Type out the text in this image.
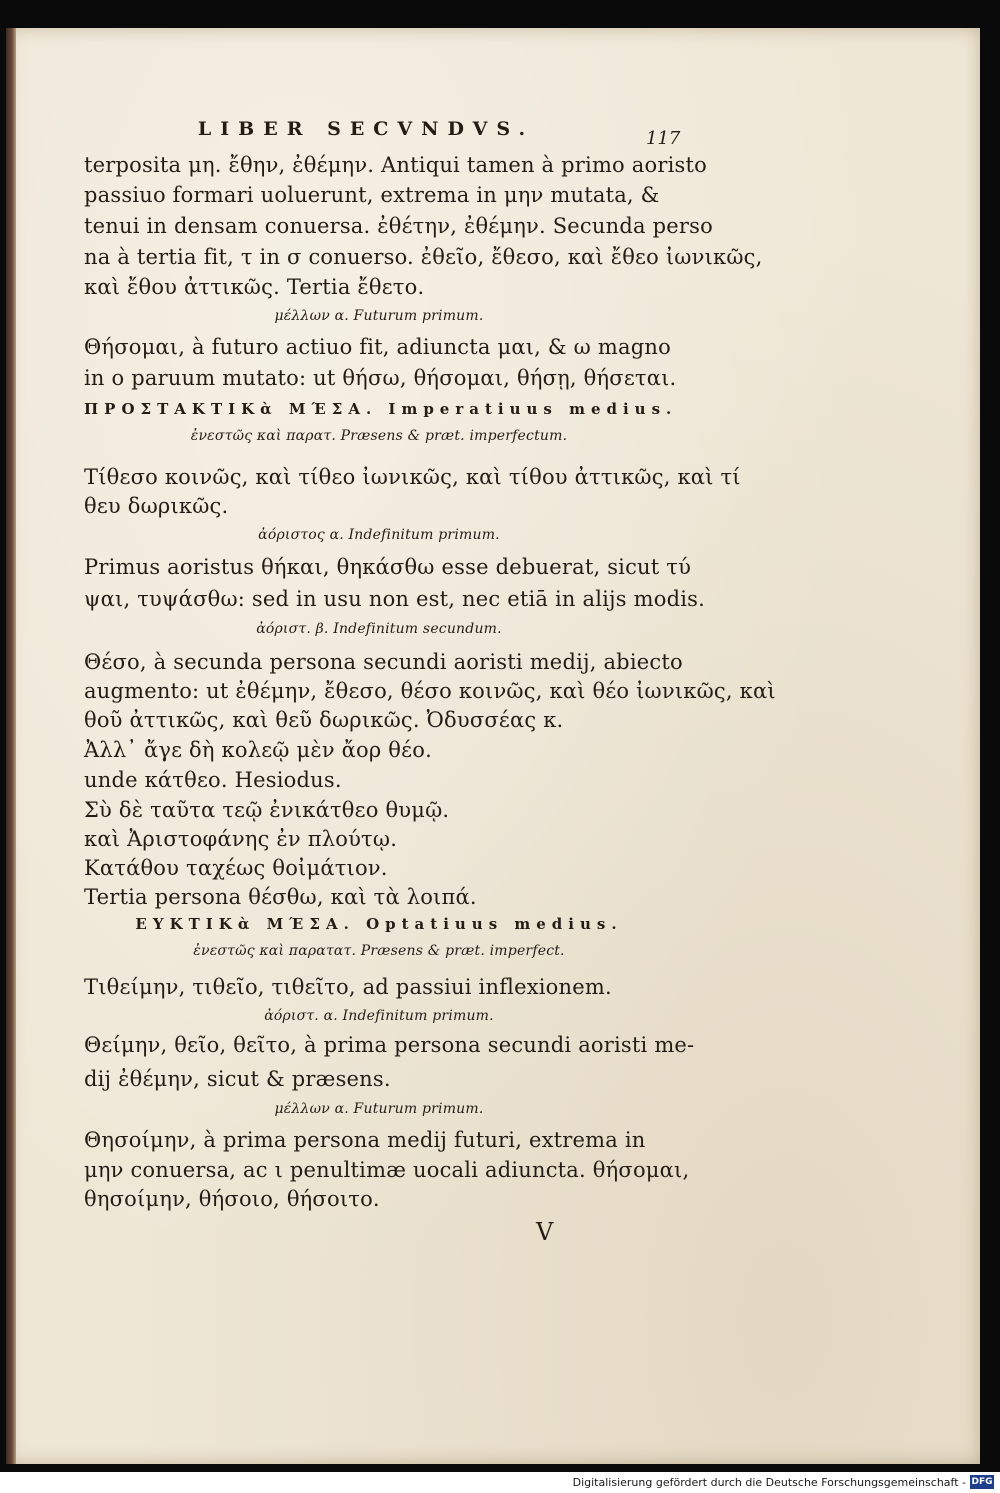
LIBER SECVNDVS.	117
terposita μη. ἔθην, ἐθέμην. Antiqui tamen à primo aoristo
passiuo formari uoluerunt, extrema in μην mutata, &
tenui in densam conuersa. ἐθέτην, ἐθέμην. Secunda perso
na à tertia fit, τ in σ conuerso. ἐθεῖο, ἔθεσο, καὶ ἔθεο ἰωνικῶς,
καὶ ἔθου ἀττικῶς. Tertia ἔθετο.
μέλλων α. Futurum primum.
Θήσομαι, à futuro actiuo fit, adiuncta μαι, & ω magno
in ο paruum mutato: ut θήσω, θήσομαι, θήσῃ, θήσεται.
ΠΡΟΣΤΑΚΤΙΚὰ ΜΈΣΑ. Imperatiuus medius.
ἐνεστῶς καὶ παρατ. Præsens & præt. imperfectum.
Τίθεσο κοινῶς, καὶ τίθεο ἰωνικῶς, καὶ τίθου ἀττικῶς, καὶ τί
θευ δωρικῶς.
ἀόριστος α. Indefinitum primum.
Primus aoristus θήκαι, θηκάσθω esse debuerat, sicut τύ
ψαι, τυψάσθω: sed in usu non est, nec etiā in alijs modis.
ἀόριστ. β. Indefinitum secundum.
Θέσο, à secunda persona secundi aoristi medij, abiecto
augmento: ut ἐθέμην, ἔθεσο, θέσο κοινῶς, καὶ θέο ἰωνικῶς, καὶ
θοῦ ἀττικῶς, καὶ θεῦ δωρικῶς. Ὀδυσσέας κ.
Ἀλλ᾽ ἄγε δὴ κολεῷ μὲν ἄορ θέο.
unde κάτθεο. Hesiodus.
Σὺ δὲ ταῦτα τεῷ ἐνικάτθεο θυμῷ.
καὶ Ἀριστοφάνης ἐν πλούτῳ.
Κατάθου ταχέως θοἰμάτιον.
Tertia persona θέσθω, καὶ τὰ λοιπά.
ΕΥΚΤΙΚὰ ΜΈΣΑ. Optatiuus medius.
ἐνεστῶς καὶ παρατατ. Præsens & præt. imperfect.
Τιθείμην, τιθεῖο, τιθεῖτο, ad passiui inflexionem.
ἀόριστ. α. Indefinitum primum.
Θείμην, θεῖο, θεῖτο, à prima persona secundi aoristi me-
dij ἐθέμην, sicut & præsens.
μέλλων α. Futurum primum.
Θησοίμην, à prima persona medij futuri, extrema in
μην conuersa, ac ι penultimæ uocali adiuncta. θήσομαι,
θησοίμην, θήσοιο, θήσοιτο.
V
Digitalisierung gefördert durch die Deutsche Forschungsgemeinschaft - DFG
